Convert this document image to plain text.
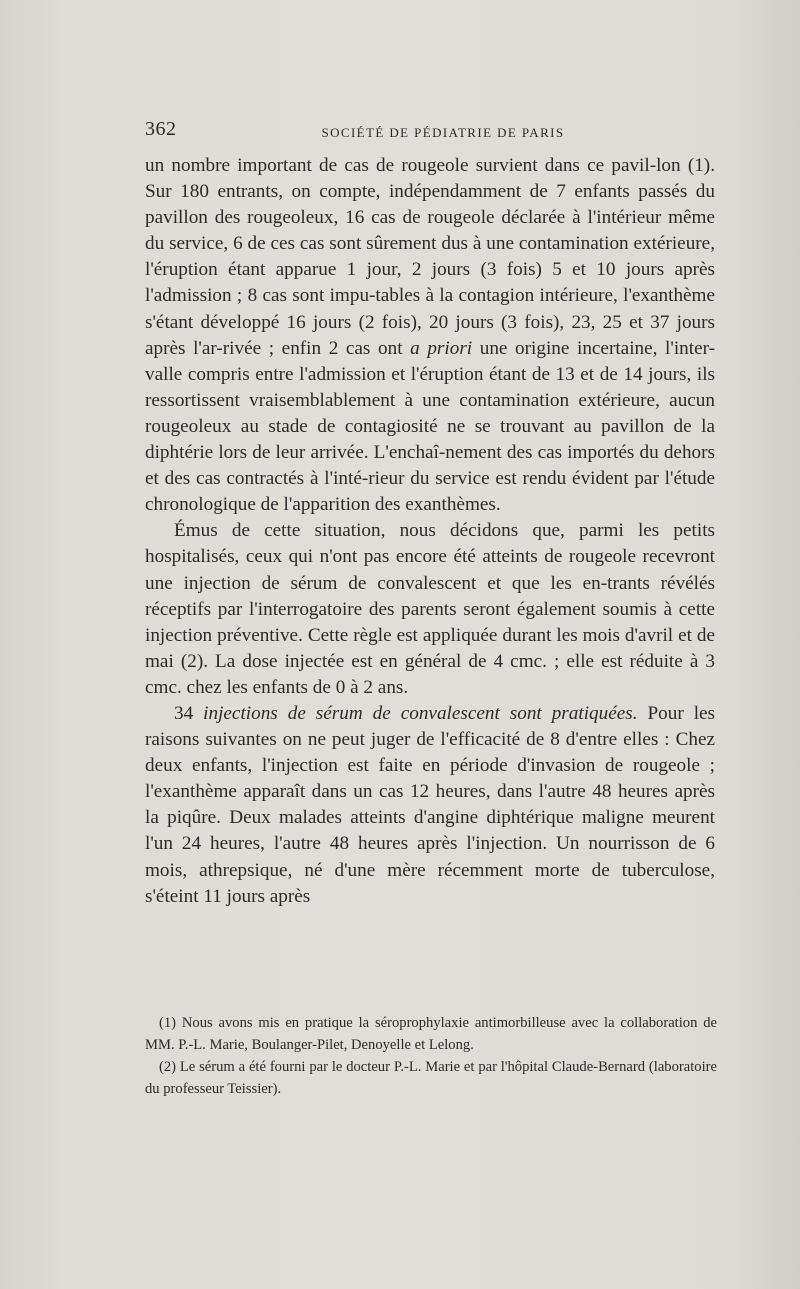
362	SOCIÉTÉ DE PÉDIATRIE DE PARIS

un nombre important de cas de rougeole survient dans ce pavil-lon (1). Sur 180 entrants, on compte, indépendamment de 7 enfants passés du pavillon des rougeoleux, 16 cas de rougeole déclarée à l'intérieur même du service, 6 de ces cas sont sûrement dus à une contamination extérieure, l'éruption étant apparue 1 jour, 2 jours (3 fois) 5 et 10 jours après l'admission ; 8 cas sont impu-tables à la contagion intérieure, l'exanthème s'étant développé 16 jours (2 fois), 20 jours (3 fois), 23, 25 et 37 jours après l'ar-rivée ; enfin 2 cas ont a priori une origine incertaine, l'inter-valle compris entre l'admission et l'éruption étant de 13 et de 14 jours, ils ressortissent vraisemblablement à une contamination extérieure, aucun rougeoleux au stade de contagiosité ne se trouvant au pavillon de la diphtérie lors de leur arrivée. L'enchaî-nement des cas importés du dehors et des cas contractés à l'inté-rieur du service est rendu évident par l'étude chronologique de l'apparition des exanthèmes.

Émus de cette situation, nous décidons que, parmi les petits hospitalisés, ceux qui n'ont pas encore été atteints de rougeole recevront une injection de sérum de convalescent et que les en-trants révélés réceptifs par l'interrogatoire des parents seront également soumis à cette injection préventive. Cette règle est appliquée durant les mois d'avril et de mai (2). La dose injectée est en général de 4 cmc. ; elle est réduite à 3 cmc. chez les enfants de 0 à 2 ans.

34 injections de sérum de convalescent sont pratiquées. Pour les raisons suivantes on ne peut juger de l'efficacité de 8 d'entre elles : Chez deux enfants, l'injection est faite en période d'invasion de rougeole ; l'exanthème apparaît dans un cas 12 heures, dans l'autre 48 heures après la piqûre. Deux malades atteints d'angine diphtérique maligne meurent l'un 24 heures, l'autre 48 heures après l'injection. Un nourrisson de 6 mois, athrepsique, né d'une mère récemment morte de tuberculose, s'éteint 11 jours après

(1) Nous avons mis en pratique la séroprophylaxie antimorbilleuse avec la collaboration de MM. P.-L. Marie, Boulanger-Pilet, Denoyelle et Lelong.

(2) Le sérum a été fourni par le docteur P.-L. Marie et par l'hôpital Claude-Bernard (laboratoire du professeur Teissier).
